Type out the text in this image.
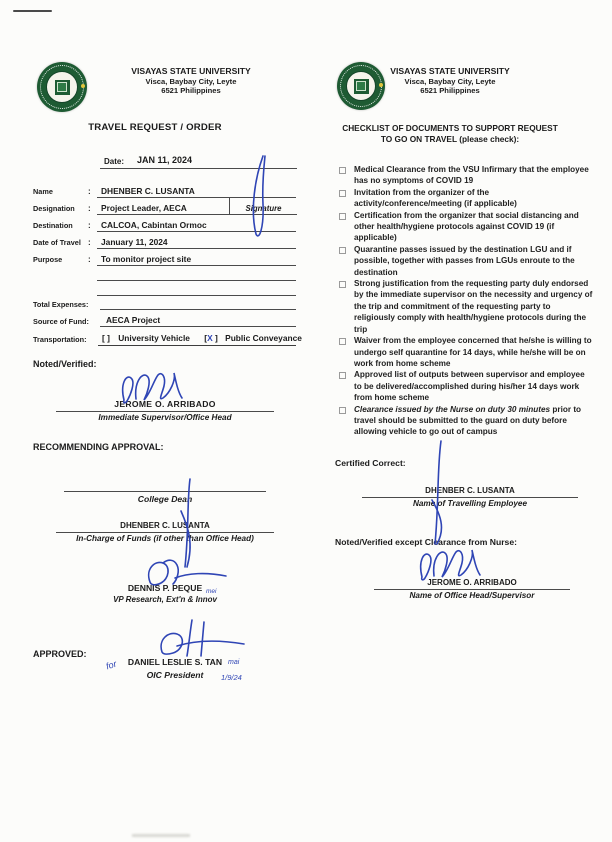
VISAYAS STATE UNIVERSITY
Visca, Baybay City, Leyte
6521 Philippines
TRAVEL REQUEST / ORDER
Date: JAN 11, 2024
Name	:	DHENBER C. LUSANTA
Designation	:	Project Leader, AECA	Signature
Destination	:	CALCOA, Cabintan Ormoc
Date of Travel :	January 11, 2024
Purpose	:	To monitor project site
Total Expenses:
Source of Fund: AECA Project
Transportation: [ ] University Vehicle [X ] Public Conveyance
Noted/Verified:
JEROME O. ARRIBADO
Immediate Supervisor/Office Head
RECOMMENDING APPROVAL:
College Dean
DHENBER C. LUSANTA
In-Charge of Funds (if other than Office Head)
DENNIS P. PEQUE mei
VP Research, Ext'n & Innov
APPROVED:
DANIEL LESLIE S. TAN
OIC President
for	mai
1/9/24
VISAYAS STATE UNIVERSITY
Visca, Baybay City, Leyte
6521 Philippines
CHECKLIST OF DOCUMENTS TO SUPPORT REQUEST
TO GO ON TRAVEL (please check):
Medical Clearance from the VSU Infirmary that the employee has no symptoms of COVID 19
Invitation from the organizer of the activity/conference/meeting (if applicable)
Certification from the organizer that social distancing and other health/hygiene protocols against COVID 19 (if applicable)
Quarantine passes issued by the destination LGU and if possible, together with passes from LGUs enroute to the destination
Strong justification from the requesting party duly endorsed by the immediate supervisor on the necessity and urgency of the trip and commitment of the requesting party to religiously comply with health/hygiene protocols during the trip
Waiver from the employee concerned that he/she is willing to undergo self quarantine for 14 days, while he/she will be on work from home scheme
Approved list of outputs between supervisor and employee to be delivered/accomplished during his/her 14 days work from home scheme
Clearance issued by the Nurse on duty 30 minutes prior to travel should be submitted to the guard on duty before allowing vehicle to go out of campus
Certified Correct:
DHENBER C. LUSANTA
Name of Travelling Employee
Noted/Verified except Clearance from Nurse:
JEROME O. ARRIBADO
Name of Office Head/Supervisor
